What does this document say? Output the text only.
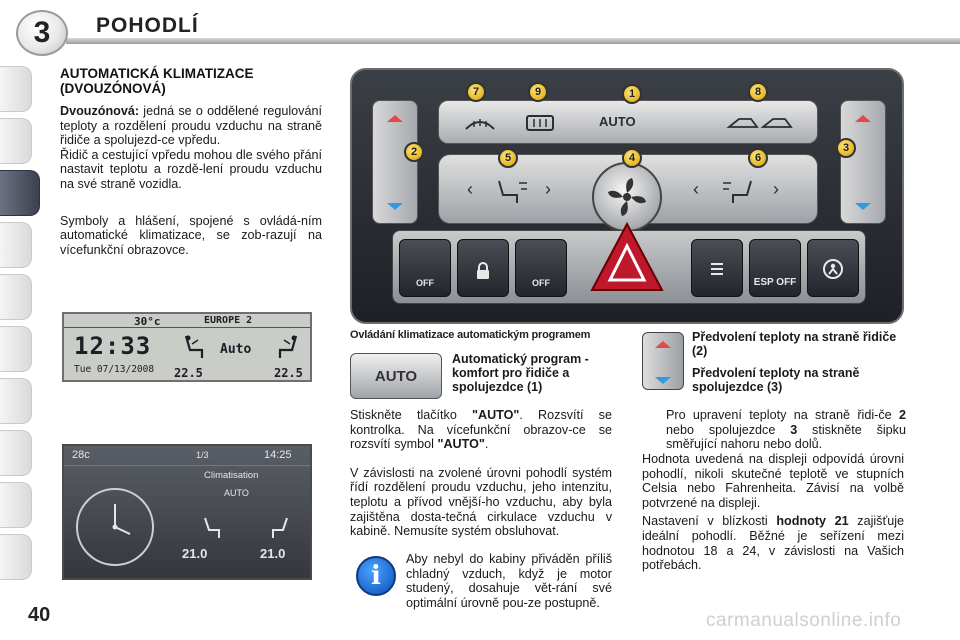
3	POHODLÍ
AUTOMATICKÁ KLIMATIZACE
(DVOUZÓNOVÁ)
Dvouzónová: jedná se o oddělené regulování teploty a rozdělení proudu vzduchu na straně řidiče a spolujezd-ce vpředu.
Řidič a cestující vpředu mohou dle svého přání nastavit teplotu a rozdě-lení proudu vzduchu na své straně vozidla.
Symboly a hlášení, spojené s ovládá-ním automatické klimatizace, se zob-razují na vícefunkční obrazovce.
30°c	EUROPE 2
12:33
Tue 07/13/2008
Auto
22.5	22.5
28c	1/3	14:25
Climatisation
AUTO
21.0	21.0
AUTO
‹	›	‹	›
OFF	OFF	ESP OFF
7	9	1	8
2	5	4	6
3
Ovládání klimatizace automatickým programem
AUTO
Automatický program - komfort pro řidiče a spolujezdce (1)
Stiskněte tlačítko "AUTO". Rozsvítí se kontrolka. Na vícefunkční obrazov-ce se rozsvítí symbol "AUTO".
V závislosti na zvolené úrovni pohodlí systém řídí rozdělení proudu vzduchu, jeho intenzitu, teplotu a přívod vnější-ho vzduchu, aby byla zajištěna dosta-tečná cirkulace vzduchu v kabině. Nemusíte systém obsluhovat.
i
Aby nebyl do kabiny přiváděn příliš chladný vzduch, když je motor studený, dosahuje vět-rání své optimální úrovně pou-ze postupně.
Předvolení teploty na straně řidiče (2)
Předvolení teploty na straně spolujezdce (3)
Pro upravení teploty na straně řidi-če 2 nebo spolujezdce 3 stiskněte šipku směřující nahoru nebo dolů.
Hodnota uvedená na displeji odpovídá úrovni pohodlí, nikoli skutečné teplotě ve stupních Celsia nebo Fahrenheita. Závisí na volbě potvrzené na displeji.
Nastavení v blízkosti hodnoty 21 zajišťuje ideální pohodlí. Běžné je seřízení mezi hodnotou 18 a 24, v závislosti na Vašich potřebách.
40	carmanualsonline.info
